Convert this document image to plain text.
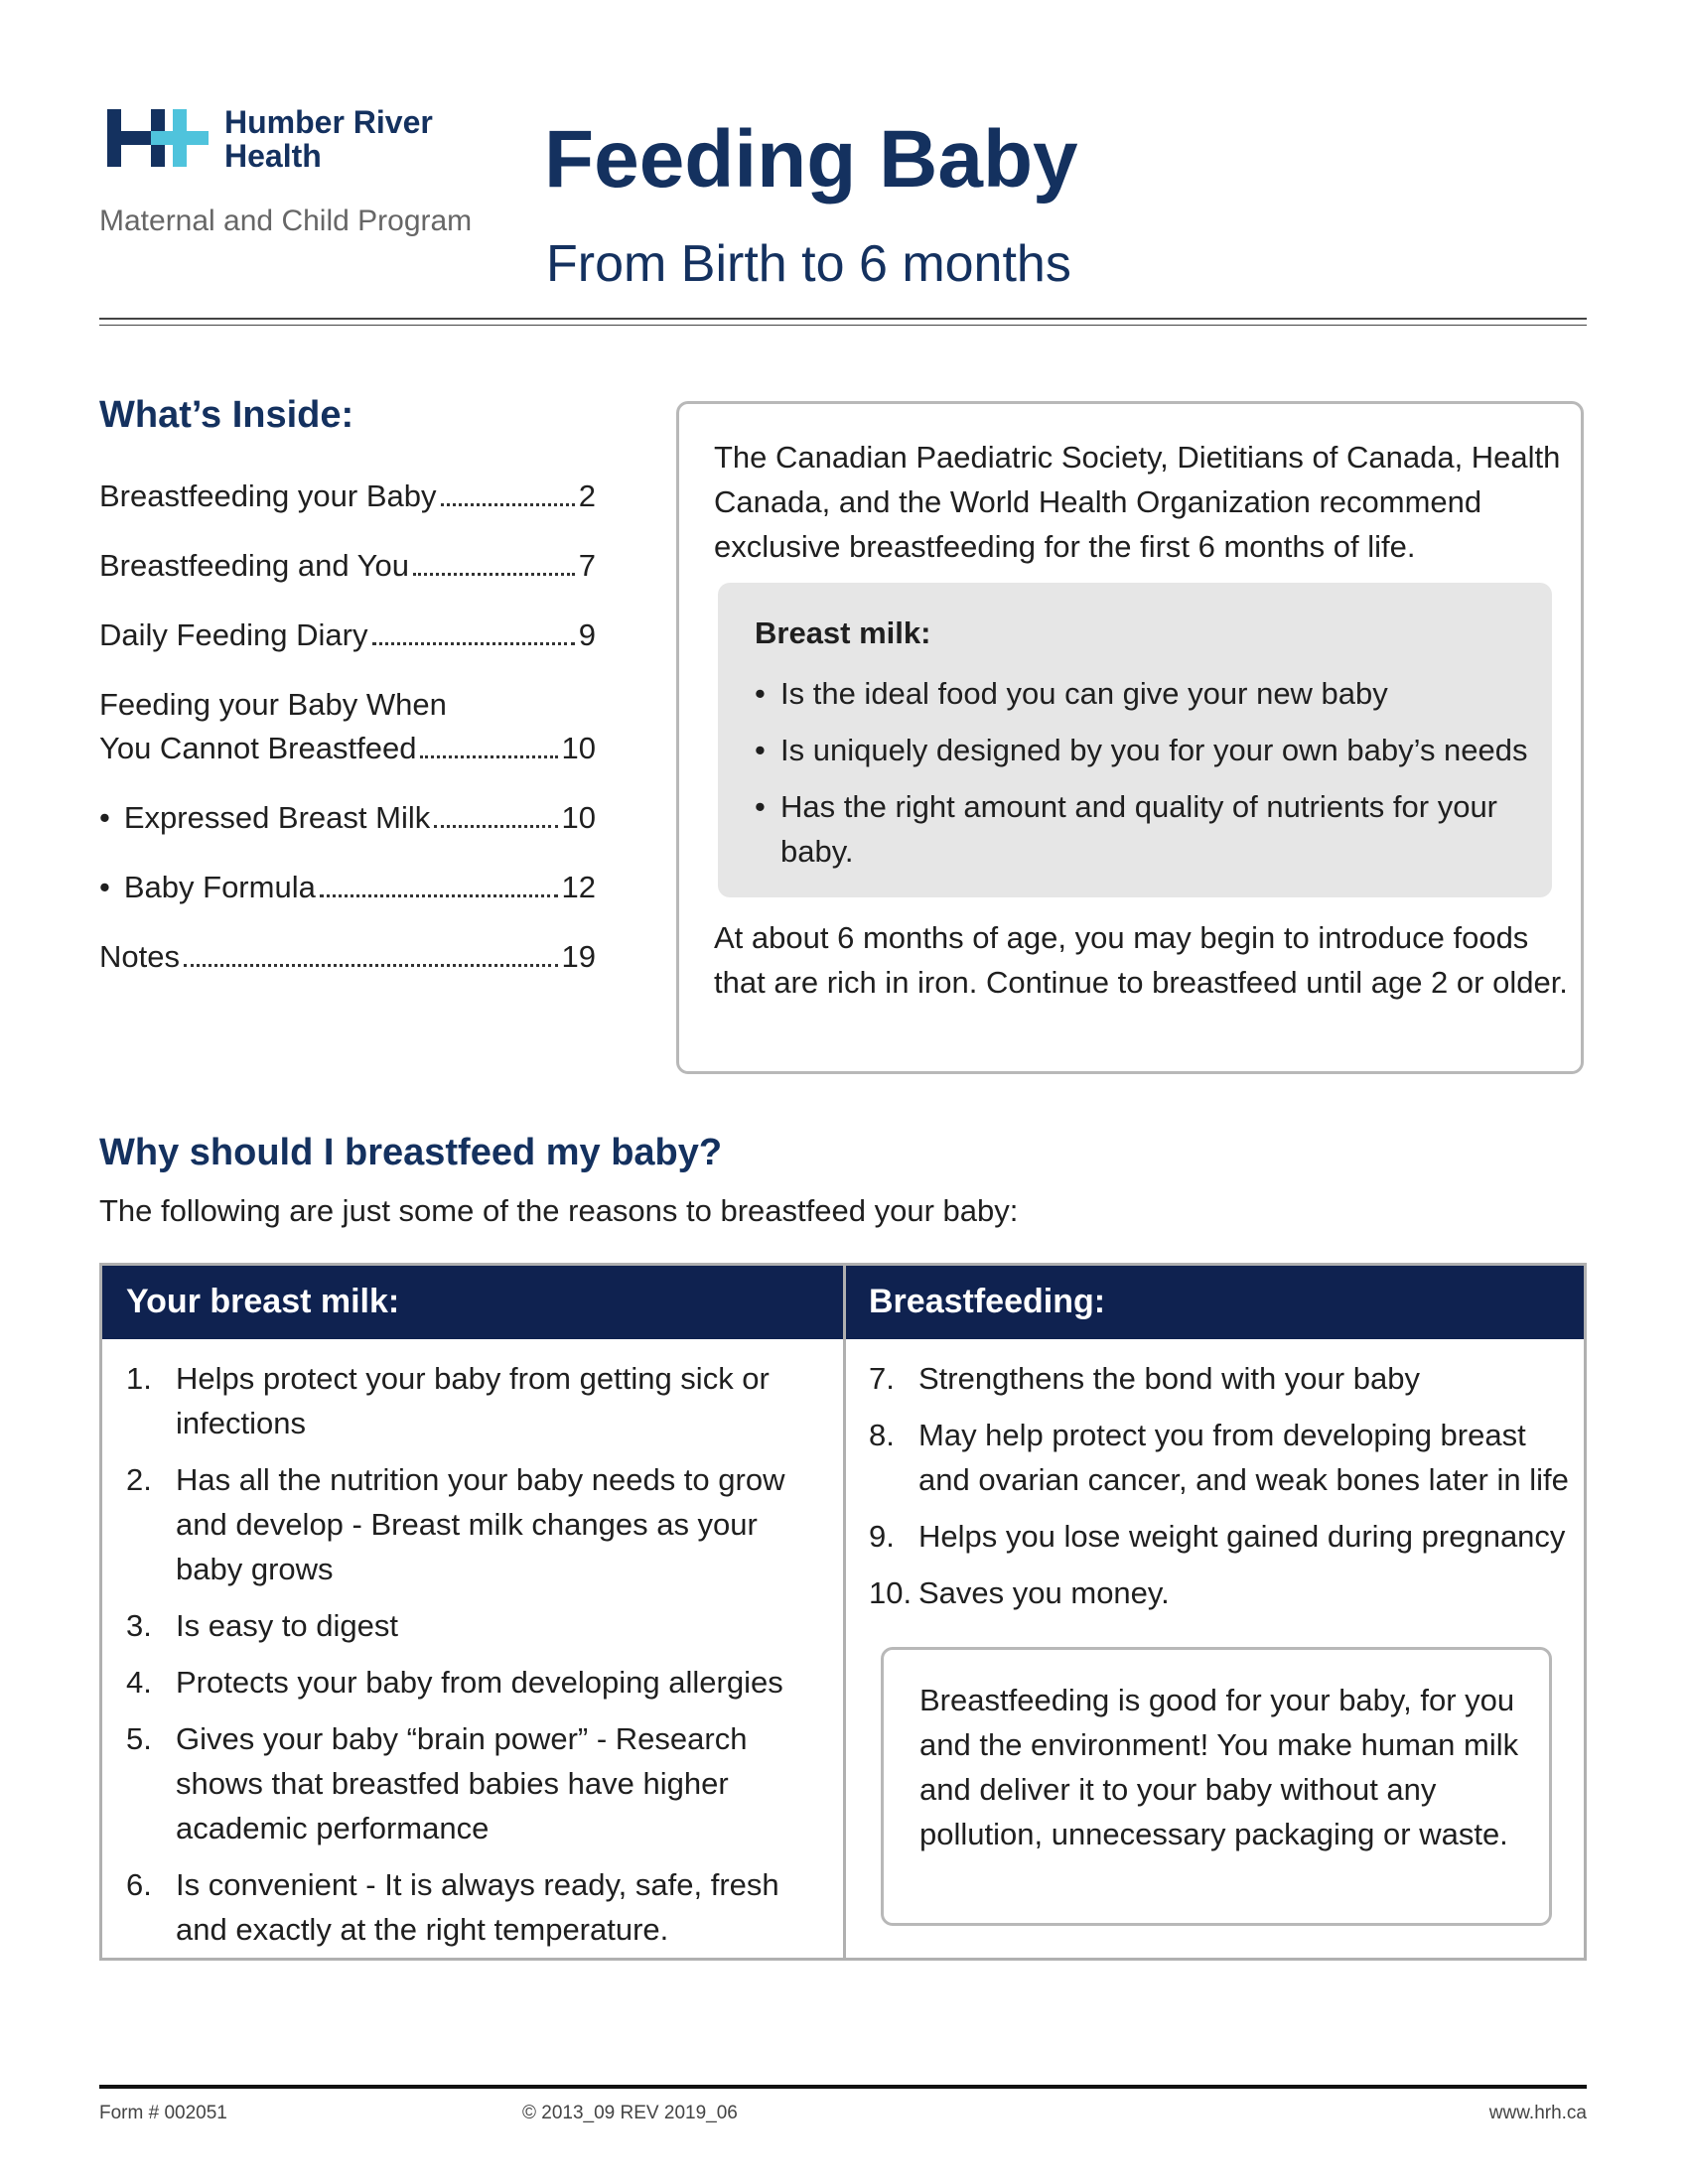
Humber River
Health
Maternal and Child Program
Feeding Baby
From Birth to 6 months
What’s Inside:
Breastfeeding your Baby	2
Breastfeeding and You	7
Daily Feeding Diary	9
Feeding your Baby When
You Cannot Breastfeed	10
• Expressed Breast Milk	10
• Baby Formula	12
Notes	19
The Canadian Paediatric Society, Dietitians of Canada, Health Canada, and the World Health Organization recommend exclusive breastfeeding for the first 6 months of life.
Breast milk:
• Is the ideal food you can give your new baby
• Is uniquely designed by you for your own baby’s needs
• Has the right amount and quality of nutrients for your baby.
At about 6 months of age, you may begin to introduce foods that are rich in iron. Continue to breastfeed until age 2 or older.
Why should I breastfeed my baby?
The following are just some of the reasons to breastfeed your baby:
Your breast milk:	Breastfeeding:
1. Helps protect your baby from getting sick or infections
2. Has all the nutrition your baby needs to grow and develop - Breast milk changes as your baby grows
3. Is easy to digest
4. Protects your baby from developing allergies
5. Gives your baby “brain power” - Research shows that breastfed babies have higher academic performance
6. Is convenient - It is always ready, safe, fresh and exactly at the right temperature.
7. Strengthens the bond with your baby
8. May help protect you from developing breast and ovarian cancer, and weak bones later in life
9. Helps you lose weight gained during pregnancy
10. Saves you money.
Breastfeeding is good for your baby, for you and the environment! You make human milk and deliver it to your baby without any pollution, unnecessary packaging or waste.
Form # 002051	© 2013_09 REV 2019_06	www.hrh.ca
